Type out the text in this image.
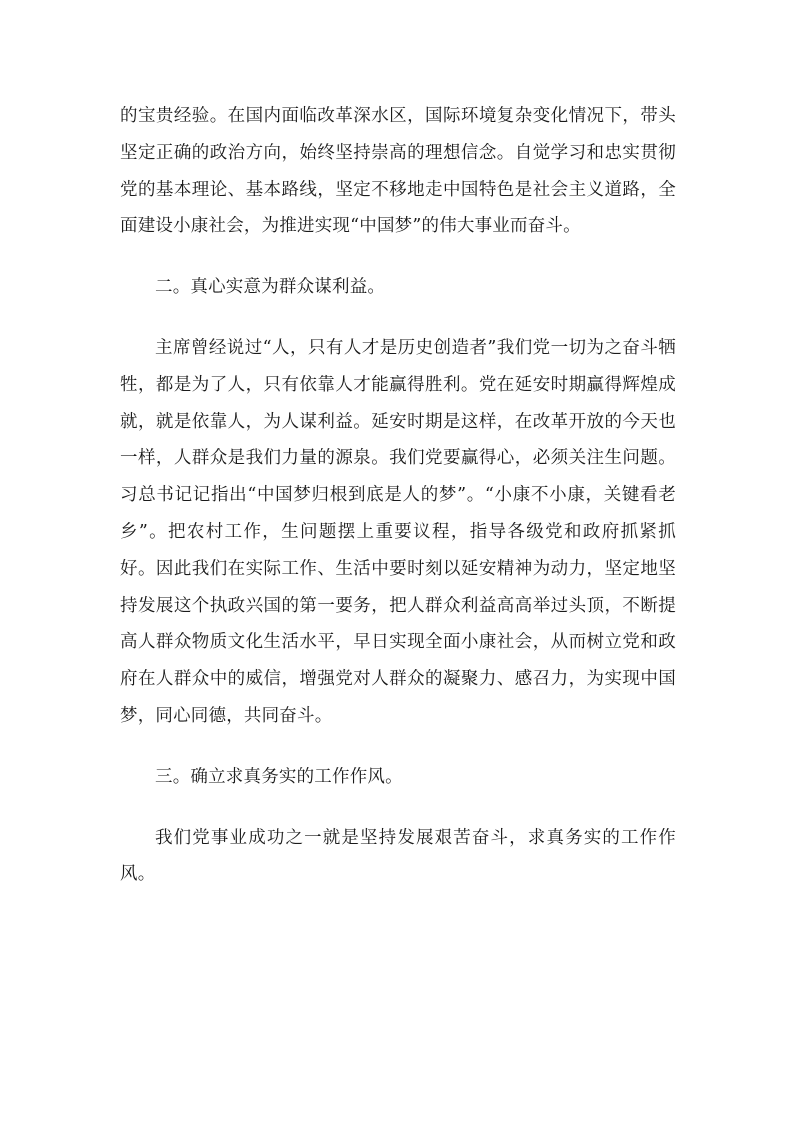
的宝贵经验。在国内面临改革深水区，国际环境复杂变化情况下，带头坚定正确的政治方向，始终坚持崇高的理想信念。自觉学习和忠实贯彻党的基本理论、基本路线，坚定不移地走中国特色是社会主义道路，全面建设小康社会，为推进实现“中国梦”的伟大事业而奋斗。

二。真心实意为群众谋利益。

主席曾经说过“人，只有人才是历史创造者”我们党一切为之奋斗牺牲，都是为了人，只有依靠人才能赢得胜利。党在延安时期赢得辉煌成就，就是依靠人，为人谋利益。延安时期是这样，在改革开放的今天也一样，人群众是我们力量的源泉。我们党要赢得心，必须关注生问题。习总书记记指出“中国梦归根到底是人的梦”。“小康不小康，关键看老乡”。把农村工作，生问题摆上重要议程，指导各级党和政府抓紧抓好。因此我们在实际工作、生活中要时刻以延安精神为动力，坚定地坚持发展这个执政兴国的第一要务，把人群众利益高高举过头顶，不断提高人群众物质文化生活水平，早日实现全面小康社会，从而树立党和政府在人群众中的威信，增强党对人群众的凝聚力、感召力，为实现中国梦，同心同德，共同奋斗。

三。确立求真务实的工作作风。

我们党事业成功之一就是坚持发展艰苦奋斗，求真务实的工作作风。
